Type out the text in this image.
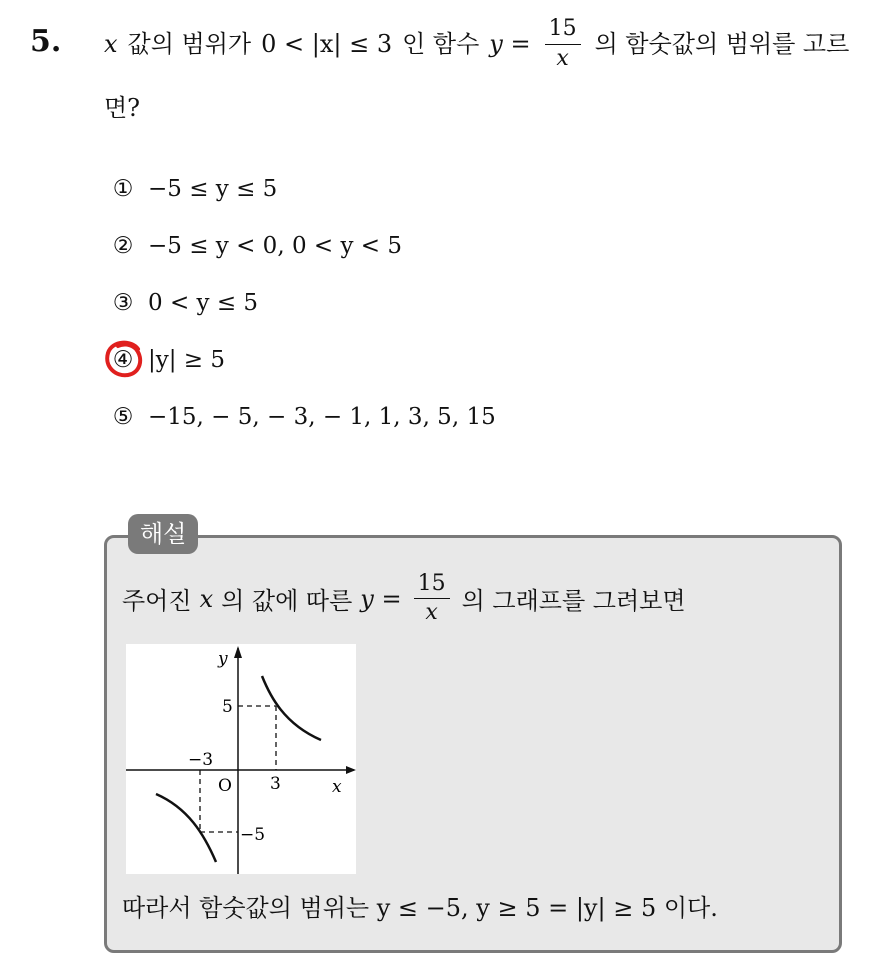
5. x 값의 범위가 0 < |x| ≤ 3 인 함수 $y = \frac{15}{x}$ 의 함숫값의 범위를 고르
면?
① −5 ≤ y ≤ 5
② −5 ≤ y < 0, 0 < y < 5
③ 0 < y ≤ 5
④ |y| ≥ 5
⑤ −15, − 5, − 3, − 1, 1, 3, 5, 15
해설
주어진 x 의 값에 따른 $y = \frac{15}{x}$ 의 그래프를 그려보면
y
x
O
5
−5
3
−3
따라서 함숫값의 범위는 y ≤ −5, y ≥ 5 = |y| ≥ 5 이다.
